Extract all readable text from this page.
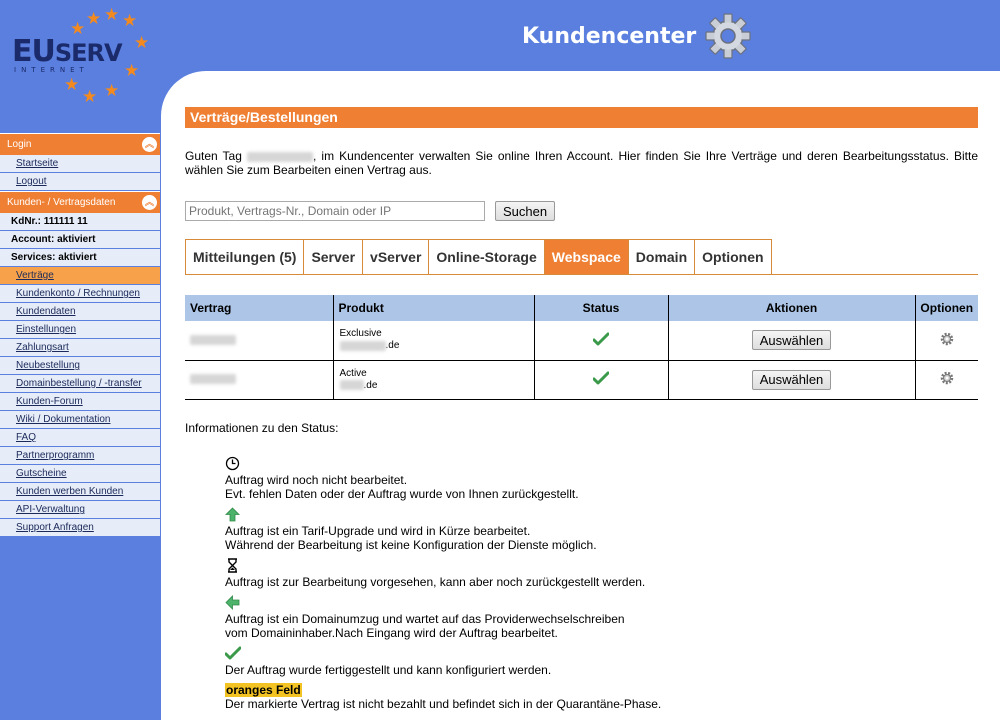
★ ★ ★
★
★
★
★
★
★
EUSERV
INTERNET
Kundencenter
Login	︽
Startseite
Logout
Kunden- / Vertragsdaten	︽
KdNr.: 111111 11
Account: aktiviert
Services: aktiviert
Verträge
Kundenkonto / Rechnungen
Kundendaten
Einstellungen
Zahlungsart
Neubestellung
Domainbestellung / -transfer
Kunden-Forum
Wiki / Dokumentation
FAQ
Partnerprogramm
Gutscheine
Kunden werben Kunden
API-Verwaltung
Support Anfragen
Verträge/Bestellungen
Guten Tag	, im Kundencenter verwalten Sie online Ihren Account. Hier finden Sie Ihre Verträge und deren Bearbeitungsstatus. Bitte wählen Sie zum Bearbeiten einen Vertrag aus.
Produkt, Vertrags-Nr., Domain oder IP
Suchen
Mitteilungen (5)	Server	vServer	Online-Storage	Webspace	Domain	Optionen
Vertrag	Produkt	Status	Aktionen	Optionen

Exclusive
.de		Auswählen	

Active
.de		Auswählen	
Informationen zu den Status:
Auftrag wird noch nicht bearbeitet.
Evt. fehlen Daten oder der Auftrag wurde von Ihnen zurückgestellt.
Auftrag ist ein Tarif-Upgrade und wird in Kürze bearbeitet.
Während der Bearbeitung ist keine Konfiguration der Dienste möglich.
Auftrag ist zur Bearbeitung vorgesehen, kann aber noch zurückgestellt werden.
Auftrag ist ein Domainumzug und wartet auf das Providerwechselschreiben
vom Domaininhaber.Nach Eingang wird der Auftrag bearbeitet.
Der Auftrag wurde fertiggestellt und kann konfiguriert werden.
oranges Feld
Der markierte Vertrag ist nicht bezahlt und befindet sich in der Quarantäne-Phase.
